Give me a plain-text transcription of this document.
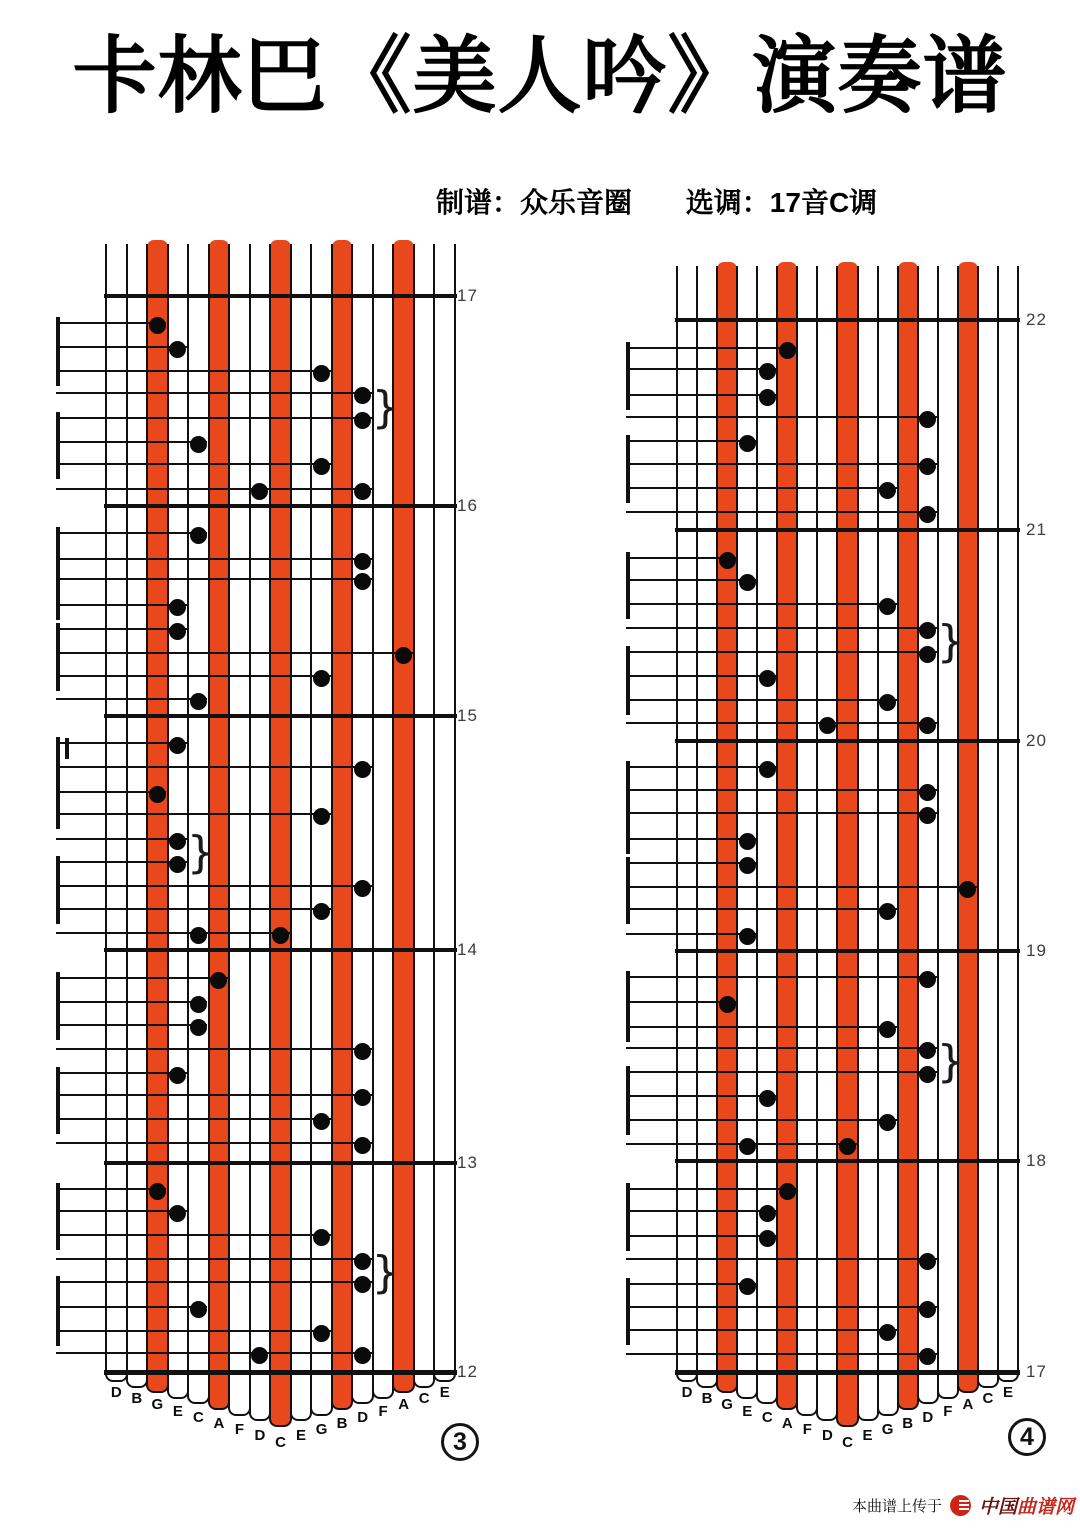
卡林巴《美人吟》演奏谱
制谱：众乐音圈 选调：17音C调
17
16
15
14
13
12
}
}
}
D B G E C A F D C E G B D F A C E
3
22
21
20
19
18
17
}
}
D B G E C A F D C E G B D F A C E
4
本曲谱上传于 中国曲谱网
